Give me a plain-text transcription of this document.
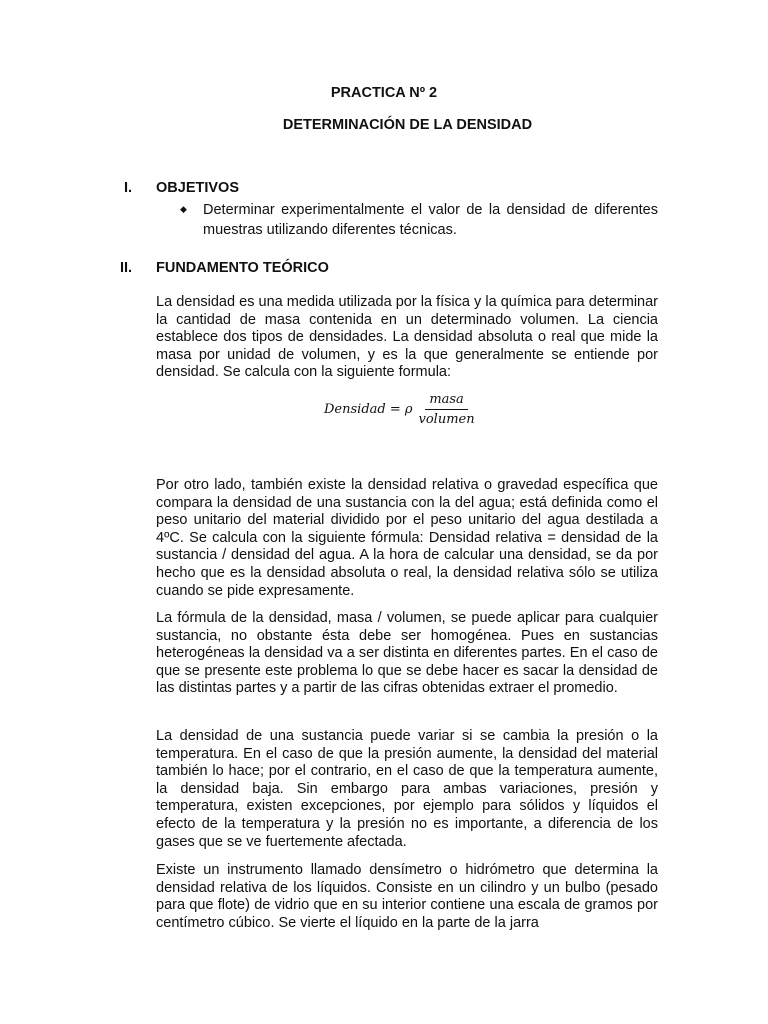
PRACTICA Nº 2
DETERMINACIÓN DE LA DENSIDAD
I. OBJETIVOS
◆ Determinar experimentalmente el valor de la densidad de diferentes muestras utilizando diferentes técnicas.
II. FUNDAMENTO TEÓRICO
La densidad es una medida utilizada por la física y la química para determinar la cantidad de masa contenida en un determinado volumen. La ciencia establece dos tipos de densidades. La densidad absoluta o real que mide la masa por unidad de volumen, y es la que generalmente se entiende por densidad. Se calcula con la siguiente formula:
Densidad = ρ $\frac{\text{masa}}{\text{volumen}}$
Por otro lado, también existe la densidad relativa o gravedad específica que compara la densidad de una sustancia con la del agua; está definida como el peso unitario del material dividido por el peso unitario del agua destilada a 4ºC. Se calcula con la siguiente fórmula: Densidad relativa = densidad de la sustancia / densidad del agua. A la hora de calcular una densidad, se da por hecho que es la densidad absoluta o real, la densidad relativa sólo se utiliza cuando se pide expresamente.
La fórmula de la densidad, masa / volumen, se puede aplicar para cualquier sustancia, no obstante ésta debe ser homogénea. Pues en sustancias heterogéneas la densidad va a ser distinta en diferentes partes. En el caso de que se presente este problema lo que se debe hacer es sacar la densidad de las distintas partes y a partir de las cifras obtenidas extraer el promedio.
La densidad de una sustancia puede variar si se cambia la presión o la temperatura. En el caso de que la presión aumente, la densidad del material también lo hace; por el contrario, en el caso de que la temperatura aumente, la densidad baja. Sin embargo para ambas variaciones, presión y temperatura, existen excepciones, por ejemplo para sólidos y líquidos el efecto de la temperatura y la presión no es importante, a diferencia de los gases que se ve fuertemente afectada.
Existe un instrumento llamado densímetro o hidrómetro que determina la densidad relativa de los líquidos. Consiste en un cilindro y un bulbo (pesado para que flote) de vidrio que en su interior contiene una escala de gramos por centímetro cúbico. Se vierte el líquido en la parte de la jarra
